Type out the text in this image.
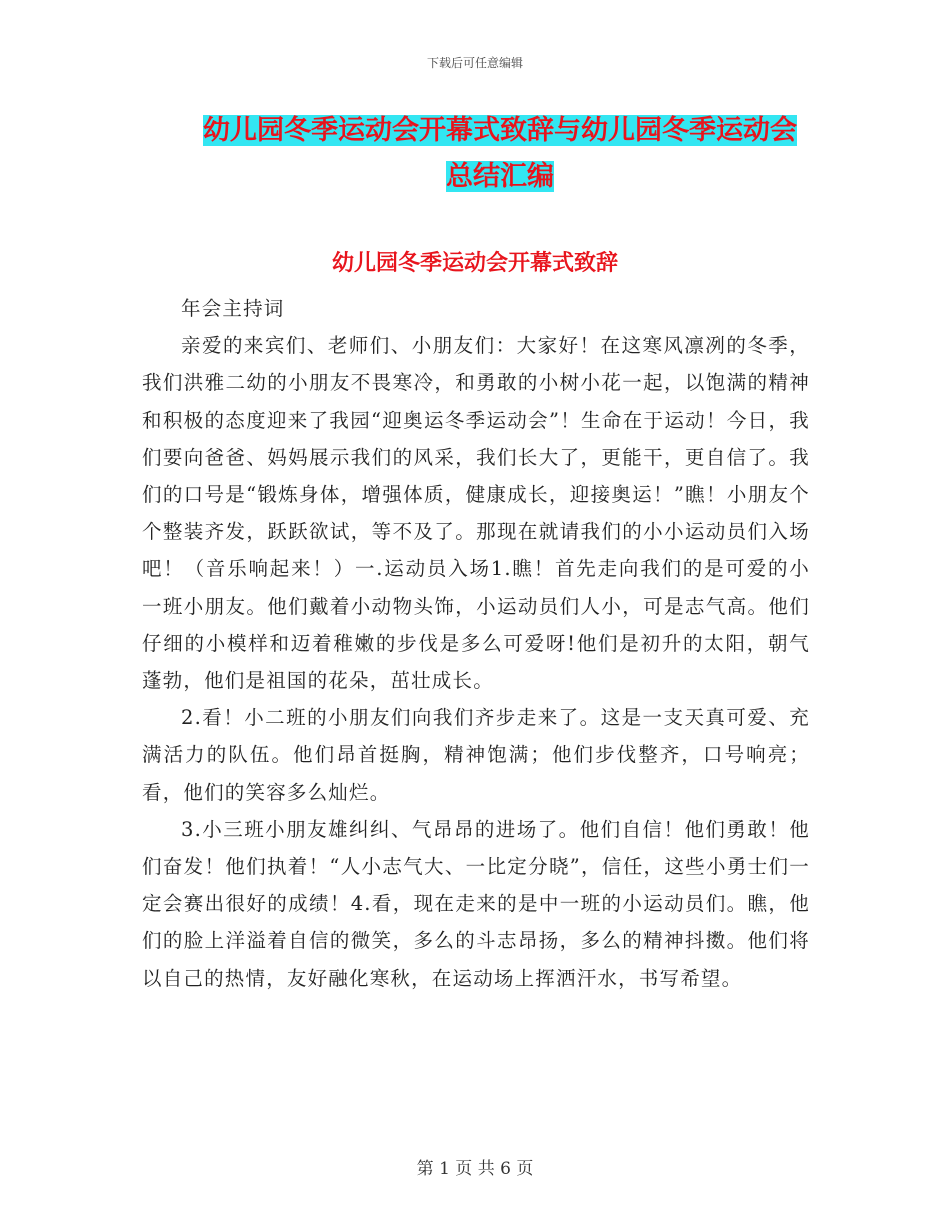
下载后可任意编辑
幼儿园冬季运动会开幕式致辞与幼儿园冬季运动会总结汇编
幼儿园冬季运动会开幕式致辞

年会主持词

亲爱的来宾们、老师们、小朋友们：大家好！在这寒风凛冽的冬季，我们洪雅二幼的小朋友不畏寒冷，和勇敢的小树小花一起，以饱满的精神和积极的态度迎来了我园“迎奥运冬季运动会”！生命在于运动！今日，我们要向爸爸、妈妈展示我们的风采，我们长大了，更能干，更自信了。我们的口号是“锻炼身体，增强体质，健康成长，迎接奥运！”瞧！小朋友个个整装齐发，跃跃欲试，等不及了。那现在就请我们的小小运动员们入场吧！（音乐响起来！）一.运动员入场1.瞧！首先走向我们的是可爱的小一班小朋友。他们戴着小动物头饰，小运动员们人小，可是志气高。他们仔细的小模样和迈着稚嫩的步伐是多么可爱呀!他们是初升的太阳，朝气蓬勃，他们是祖国的花朵，茁壮成长。

2.看！小二班的小朋友们向我们齐步走来了。这是一支天真可爱、充满活力的队伍。他们昂首挺胸，精神饱满；他们步伐整齐，口号响亮；看，他们的笑容多么灿烂。

3.小三班小朋友雄纠纠、气昂昂的进场了。他们自信！他们勇敢！他们奋发！他们执着！“人小志气大、一比定分晓”，信任，这些小勇士们一定会赛出很好的成绩！4.看，现在走来的是中一班的小运动员们。瞧，他们的脸上洋溢着自信的微笑，多么的斗志昂扬，多么的精神抖擞。他们将以自己的热情，友好融化寒秋，在运动场上挥洒汗水，书写希望。

第 1 页 共 6 页
